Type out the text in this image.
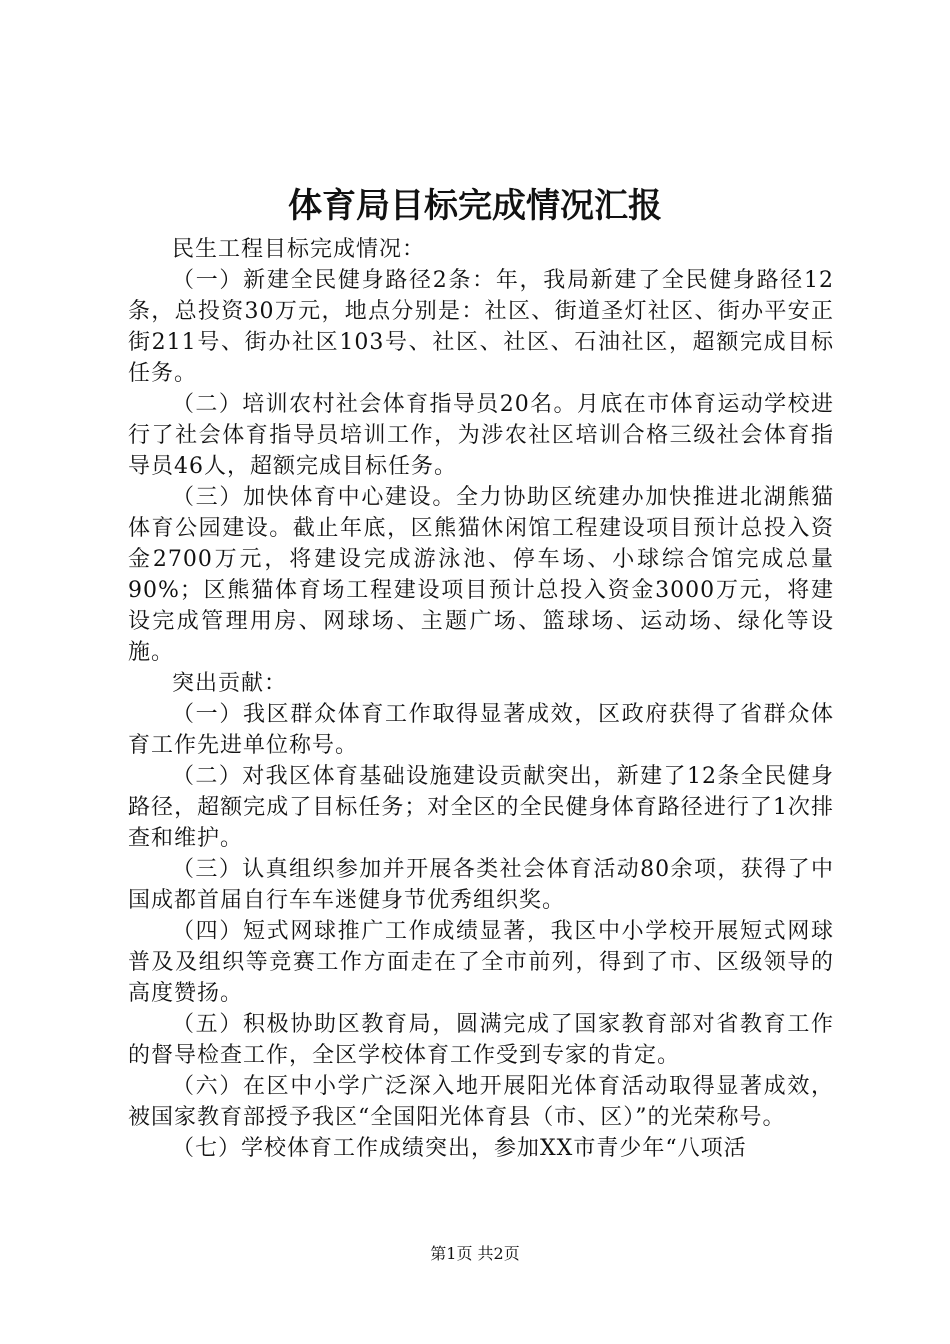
体育局目标完成情况汇报

民生工程目标完成情况：

（一）新建全民健身路径2条：年，我局新建了全民健身路径12条，总投资30万元，地点分别是：社区、街道圣灯社区、街办平安正街211号、街办社区103号、社区、社区、石油社区，超额完成目标任务。

（二）培训农村社会体育指导员20名。月底在市体育运动学校进行了社会体育指导员培训工作，为涉农社区培训合格三级社会体育指导员46人，超额完成目标任务。

（三）加快体育中心建设。全力协助区统建办加快推进北湖熊猫体育公园建设。截止年底，区熊猫休闲馆工程建设项目预计总投入资金2700万元，将建设完成游泳池、停车场、小球综合馆完成总量90%；区熊猫体育场工程建设项目预计总投入资金3000万元，将建设完成管理用房、网球场、主题广场、篮球场、运动场、绿化等设施。

突出贡献：

（一）我区群众体育工作取得显著成效，区政府获得了省群众体育工作先进单位称号。

（二）对我区体育基础设施建设贡献突出，新建了12条全民健身路径，超额完成了目标任务；对全区的全民健身体育路径进行了1次排查和维护。

（三）认真组织参加并开展各类社会体育活动80余项，获得了中国成都首届自行车车迷健身节优秀组织奖。

（四）短式网球推广工作成绩显著，我区中小学校开展短式网球普及及组织等竞赛工作方面走在了全市前列，得到了市、区级领导的高度赞扬。

（五）积极协助区教育局，圆满完成了国家教育部对省教育工作的督导检查工作，全区学校体育工作受到专家的肯定。

（六）在区中小学广泛深入地开展阳光体育活动取得显著成效，被国家教育部授予我区“全国阳光体育县（市、区）”的光荣称号。

（七）学校体育工作成绩突出，参加XX市青少年“八项活

第1页 共2页
